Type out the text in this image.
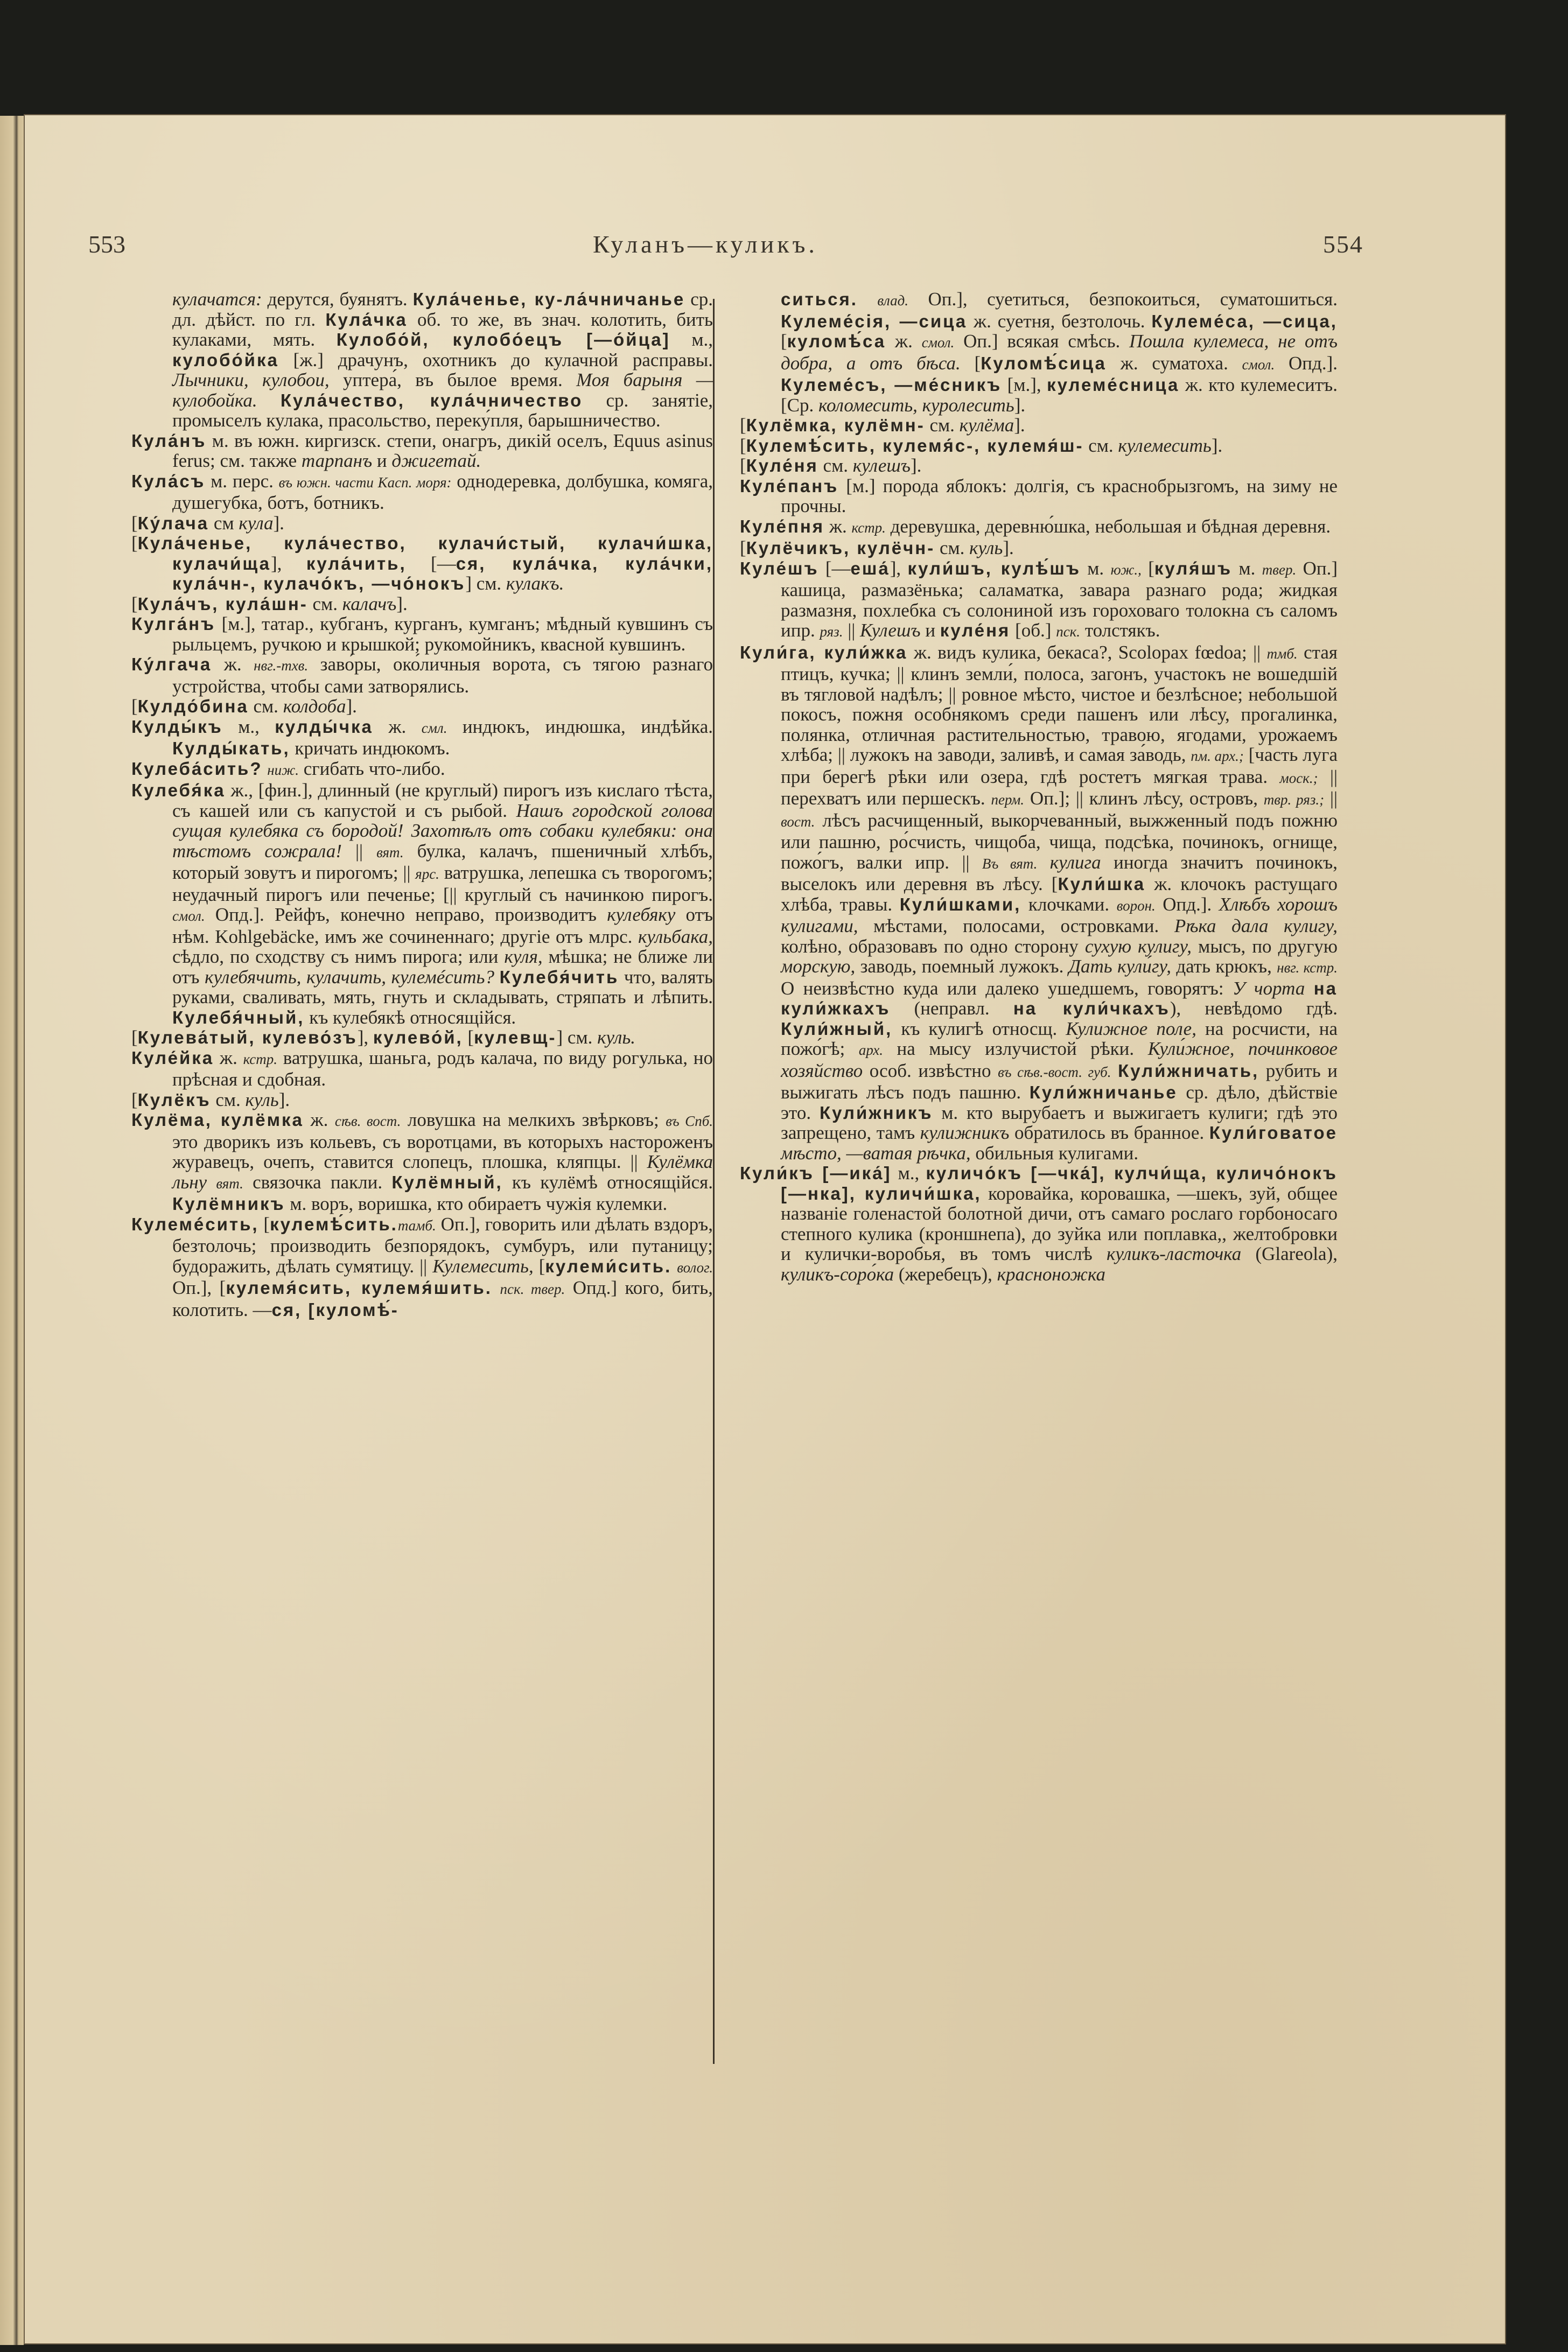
553	Куланъ—куликъ.	554

кулачатся: дерутся, буянятъ. Кула́ченье, ку-ла́чничанье ср. дл. дѣйст. по гл. Кула́чка об. то же, въ знач. колотить, бить кулаками, мять. Кулобо́й, кулобо́ецъ [—о́йца] м., кулобо́йка [ж.] драчунъ, охотникъ до кулачной расправы. Лычники, кулобои, уптера́, въ былое время. Моя барыня — кулобойка. Кула́чество, кула́чничество ср. занятіе, промыселъ кулака, прасольство, переку́пля, барышничество.

Кула́нъ м. въ южн. киргизск. степи, онагръ, дикій оселъ, Equus asinus ferus; см. также тарпанъ и джигетай.

Кула́съ м. перс. въ южн. части Касп. моря: однодеревка, долбушка, комяга, душегубка, ботъ, ботникъ.

[Ку́лача см кула].

[Кула́ченье, кула́чество, кулачи́стый, кулачи́шка, кулачи́ща], кула́чить, [—ся, кула́чка, кула́чки, кула́чн-, кулачо́къ, —чо́нокъ] см. кулакъ.

[Кула́чъ, кула́шн- см. калачъ].

Кулга́нъ [м.], татар., кубганъ, курганъ, кумганъ; мѣдный кувшинъ съ рыльцемъ, ручкою и крышкой; рукомойникъ, квасной кувшинъ.

Ку́лгача ж. нвг.-тхв. заво́ры, око́личныя ворота, съ тягою разнаго устройства, чтобы сами затворялись.

[Кулдо́бина см. колдоба].

Кулды́къ м., кулды́чка ж. смл. индюкъ, индюшка, индѣйка. Кулды́кать, кричать индюкомъ.

Кулеба́сить? ниж. сгибать что-либо.

Кулебя́ка ж., [фин.], длинный (не круглый) пирогъ изъ кислаго тѣста, съ кашей или съ капустой и съ рыбой. Нашъ городской голова сущая кулебяка съ бородой! Захотѣлъ отъ собаки кулебяки: она тѣстомъ сожрала! || вят. булка, калачъ, пшеничный хлѣбъ, который зовутъ и пирогомъ; || ярс. ватрушка, лепешка съ творогомъ; неудачный пирогъ или печенье; [|| круглый съ начинкою пирогъ. смол. Опд.]. Рейфъ, конечно неправо, производитъ кулебяку отъ нѣм. Kohlgebäcke, имъ же сочиненнаго; другіе отъ млрс. кульбака, сѣдло, по сходству съ нимъ пирога; или куля, мѣшка; не ближе ли отъ кулебячить, кулачить, кулемéсить? Кулебя́чить что, валять руками, сваливать, мять, гнуть и складывать, стряпать и лѣпить. Кулебя́чный, къ кулебякѣ относящійся.

[Кулева́тый, кулево́зъ], кулево́й, [кулевщ-] см. куль.

Куле́йка ж. кстр. ватрушка, шаньга, родъ калача, по виду рогулька, но прѣсная и сдобная.

[Кулёкъ см. куль].

Кулёма, кулёмка ж. сѣв. вост. ловушка на мелкихъ звѣрковъ; въ Спб. это дворикъ изъ кольевъ, съ воротцами, въ которыхъ настороженъ журавецъ, очепъ, ставится слопецъ, плошка, кляпцы. || Кулёмка льну вят. связочка пакли. Кулёмный, къ кулёмѣ относящійся. Кулёмникъ м. воръ, воришка, кто обираетъ чужія кулемки.

Кулемéсить, [кулемѣ́сить.тамб. Оп.], говорить или дѣлать вздоръ, безтолочь; производить безпорядокъ, сумбуръ, или путаницу; будоражить, дѣлать сумятицу. || Кулемесить, [кулеми́сить. волог. Оп.], [кулемя́сить, кулемя́шить. пск. твер. Опд.] кого, бить, колотить. —ся, [куломѣ́-

ситься. влад. Оп.], суетиться, безпокоиться, суматошиться. Кулеме́сія, —сица ж. суетня, безтолочь. Кулеме́са, —сица, [куломѣ́са ж. смол. Оп.] всякая смѣсь. Пошла кулемеса, не отъ добра, а отъ бѣса. [Куломѣ́сица ж. суматоха. смол. Опд.]. Кулеме́съ, —ме́сникъ [м.], кулеме́сница ж. кто кулемеситъ. [Ср. коломесить, куролесить].

[Кулёмка, кулёмн- см. кулёма].

[Кулемѣ́сить, кулемя́с-, кулемя́ш- см. кулемесить].

[Куле́ня см. кулешъ].

Куле́панъ [м.] порода яблокъ: долгія, съ краснобрызгомъ, на зиму не прочны.

Куле́пня ж. кстр. деревушка, деревню́шка, небольшая и бѣдная деревня.

[Кулёчикъ, кулёчн- см. куль].

Куле́шъ [—еша́], кули́шъ, кулѣ́шъ м. юж., [куля́шъ м. твер. Оп.] кашица, размазёнька; саламатка, завара разнаго рода; жидкая размазня, похлебка съ солониной изъ гороховаго толокна съ саломъ ипр. ряз. || Кулешъ и куле́ня [об.] пск. толстякъ.

Кули́га, кули́жка ж. видъ кулика, бекаса?, Scolopax fœdoa; || тмб. стая птицъ, кучка; || клинъ земли́, полоса, загонъ, участокъ не вошедшій въ тягловой надѣлъ; || ровное мѣсто, чистое и безлѣсное; небольшой покосъ, пожня особнякомъ среди пашенъ или лѣсу, прогалинка, полянка, отличная растительностью, травою, ягодами, урожаемъ хлѣба; || лужокъ на заводи, заливѣ, и самая за́водь, пм. арх.; [часть луга при берегѣ рѣки или озера, гдѣ ростетъ мягкая трава. моск.; || перехватъ или першескъ. перм. Оп.]; || клинъ лѣсу, островъ, твр. ряз.; || вост. лѣсъ расчищенный, выкорчеванный, выжженный подъ пожню или пашню, ро́счисть, чищоба, чища, подсѣка, починокъ, огнище, пожо́гъ, валки ипр. || Въ вят. кулига иногда значитъ починокъ, выселокъ или деревня въ лѣсу. [Кули́шка ж. клочокъ растущаго хлѣба, травы. Кули́шками, клочками. ворон. Опд.]. Хлѣбъ хорошъ кулигами, мѣстами, полосами, островками. Рѣка дала кулигу, колѣно, образовавъ по одно сторону сухую кулигу, мысъ, по другую морскую, заводь, поемный лужокъ. Дать кули́гу, дать крюкъ, нвг. кстр. О неизвѣстно куда или далеко ушедшемъ, говорятъ: У чорта на кули́жкахъ (неправл. на кули́чкахъ), невѣдомо гдѣ. Кули́жный, къ кулигѣ относщ. Кулижное поле, на росчисти, на пожо́гѣ; арх. на мысу излучистой рѣки. Кули́жное, починковое хозяйство особ. извѣстно въ сѣв.-вост. губ. Кули́жничать, рубить и выжигать лѣсъ подъ пашню. Кули́жничанье ср. дѣло, дѣйствіе это. Кули́жникъ м. кто вырубаетъ и выжигаетъ кулиги; гдѣ это запрещено, тамъ кулижникъ обратилось въ бранное. Кули́говатое мѣсто, —ватая рѣчка, обильныя кулигами.

Кули́къ [—ика́] м., куличо́къ [—чка́], кулчи́ща, куличо́нокъ [—нка], куличи́шка, коровайка, коровашка, —шекъ, зуй, общее названіе голенастой болотной дичи, отъ самаго рослаго горбоносаго степного кулика (кроншнепа), до зуйка или поплавка,, желтобровки и кулички-воробья, въ томъ числѣ куликъ-ласточка (Glareola), куликъ-соро́ка (жеребецъ), красноножка
